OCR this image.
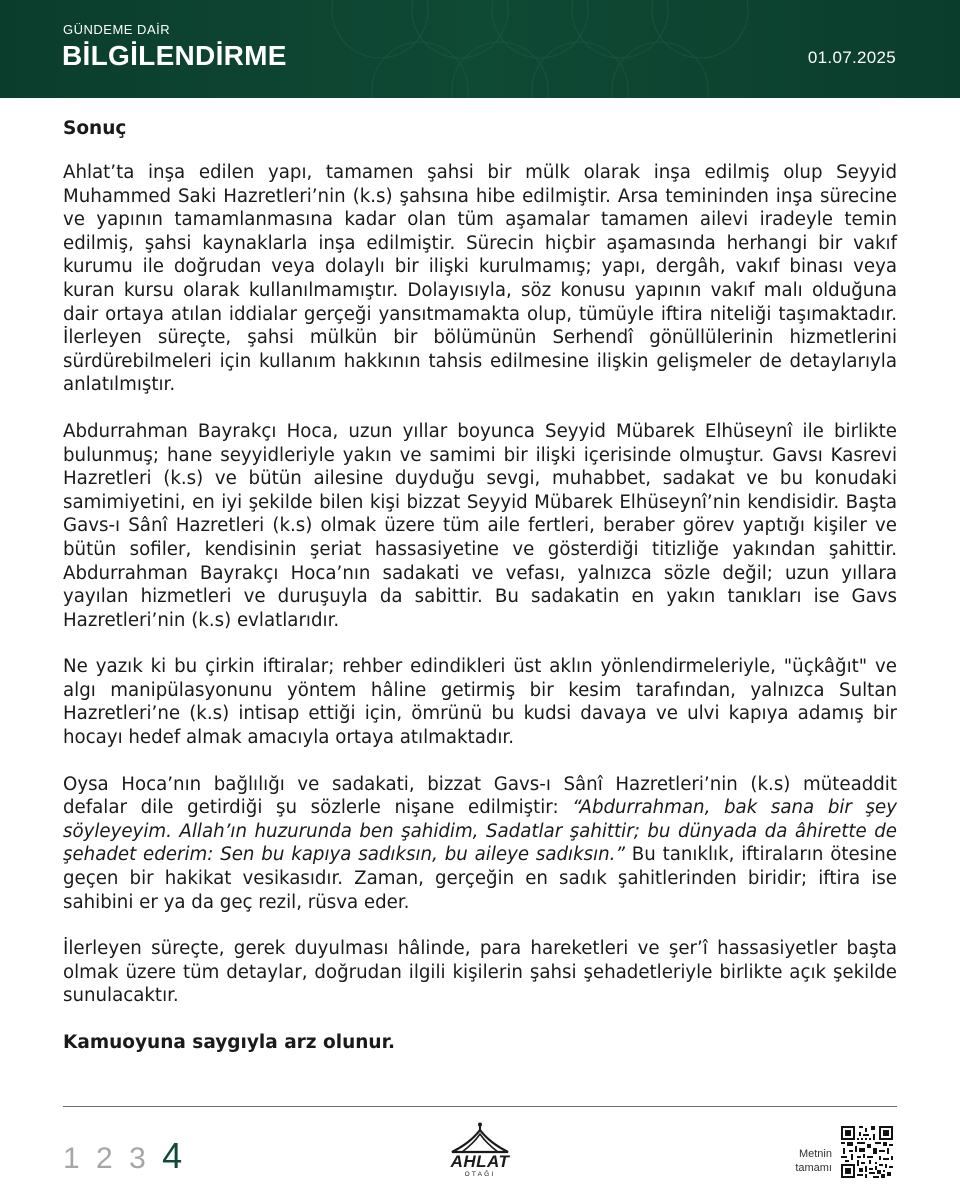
GÜNDEME DAİR
BİLGİLENDİRME	01.07.2025
Sonuç

Ahlat’ta inşa edilen yapı, tamamen şahsi bir mülk olarak inşa edilmiş olup Seyyid Muhammed Saki Hazretleri’nin (k.s) şahsına hibe edilmiştir. Arsa temininden inşa sürecine ve yapının tamamlanmasına kadar olan tüm aşamalar tamamen ailevi iradeyle temin edilmiş, şahsi kaynaklarla inşa edilmiştir. Sürecin hiçbir aşamasında herhangi bir vakıf kurumu ile doğrudan veya dolaylı bir ilişki kurulmamış; yapı, dergâh, vakıf binası veya kuran kursu olarak kullanılmamıştır. Dolayısıyla, söz konusu yapının vakıf malı olduğuna dair ortaya atılan iddialar gerçeği yansıtmamakta olup, tümüyle iftira niteliği taşımaktadır. İlerleyen süreçte, şahsi mülkün bir bölümünün Serhendî gönüllülerinin hizmetlerini sürdürebilmeleri için kullanım hakkının tahsis edilmesine ilişkin gelişmeler de detaylarıyla anlatılmıştır.

Abdurrahman Bayrakçı Hoca, uzun yıllar boyunca Seyyid Mübarek Elhüseynî ile birlikte bulunmuş; hane seyyidleriyle yakın ve samimi bir ilişki içerisinde olmuştur. Gavsı Kasrevi Hazretleri (k.s) ve bütün ailesine duyduğu sevgi, muhabbet, sadakat ve bu konudaki samimiyetini, en iyi şekilde bilen kişi bizzat Seyyid Mübarek Elhüseynî’nin kendisidir. Başta Gavs-ı Sânî Hazretleri (k.s) olmak üzere tüm aile fertleri, beraber görev yaptığı kişiler ve bütün sofiler, kendisinin şeriat hassasiyetine ve gösterdiği titizliğe yakından şahittir. Abdurrahman Bayrakçı Hoca’nın sadakati ve vefası, yalnızca sözle değil; uzun yıllara yayılan hizmetleri ve duruşuyla da sabittir. Bu sadakatin en yakın tanıkları ise Gavs Hazretleri’nin (k.s) evlatlarıdır.

Ne yazık ki bu çirkin iftiralar; rehber edindikleri üst aklın yönlendirmeleriyle, "üçkâğıt" ve algı manipülasyonunu yöntem hâline getirmiş bir kesim tarafından, yalnızca Sultan Hazretleri’ne (k.s) intisap ettiği için, ömrünü bu kudsi davaya ve ulvi kapıya adamış bir hocayı hedef almak amacıyla ortaya atılmaktadır.

Oysa Hoca’nın bağlılığı ve sadakati, bizzat Gavs-ı Sânî Hazretleri’nin (k.s) müteaddit defalar dile getirdiği şu sözlerle nişane edilmiştir: “Abdurrahman, bak sana bir şey söyleyeyim. Allah’ın huzurunda ben şahidim, Sadatlar şahittir; bu dünyada da âhirette de şehadet ederim: Sen bu kapıya sadıksın, bu aileye sadıksın.” Bu tanıklık, iftiraların ötesine geçen bir hakikat vesikasıdır. Zaman, gerçeğin en sadık şahitlerinden biridir; iftira ise sahibini er ya da geç rezil, rüsva eder.

İlerleyen süreçte, gerek duyulması hâlinde, para hareketleri ve şer’î hassasiyetler başta olmak üzere tüm detaylar, doğrudan ilgili kişilerin şahsi şehadetleriyle birlikte açık şekilde sunulacaktır.

Kamuoyuna saygıyla arz olunur.

1 2 3 4	AHLAT
OTAĞI
Metnin
tamamı
